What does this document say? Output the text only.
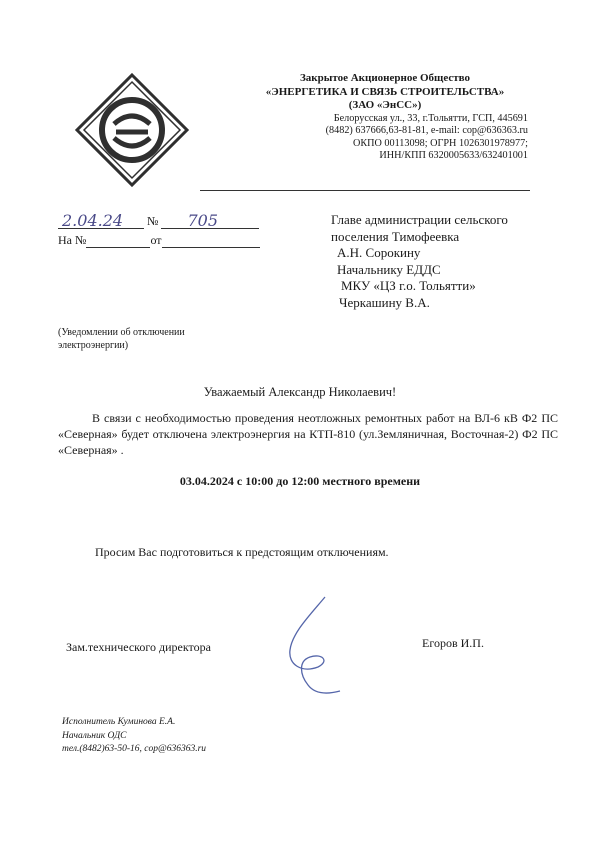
Закрытое Акционерное Общество
«ЭНЕРГЕТИКА И СВЯЗЬ СТРОИТЕЛЬСТВА»
(ЗАО «ЭнСС»)
Белорусская ул., 33, г.Тольятти, ГСП, 445691
(8482) 637666,63-81-81, e-mail: cop@636363.ru
ОКПО 00113098; ОГРН 1026301978977;
ИНН/КПП 6320005633/632401001
2.04.24 № 705
На №	от
Главе администрации сельского
поселения Тимофеевка
А.Н. Сорокину
Начальнику ЕДДС
МКУ «ЦЗ г.о. Тольятти»
Черкашину В.А.
(Уведомлении об отключении
электроэнергии)
Уважаемый Александр Николаевич!
В связи с необходимостью проведения неотложных ремонтных работ на ВЛ-6 кВ Ф2 ПС «Северная» будет отключена электроэнергия на КТП-810 (ул.Земляничная, Восточная-2) Ф2 ПС «Северная» .
03.04.2024 с 10:00 до 12:00 местного времени
Просим Вас подготовиться к предстоящим отключениям.
Зам.технического директора	Егоров И.П.
Исполнитель Куминова Е.А.
Начальник ОДС
тел.(8482)63-50-16, cop@636363.ru
